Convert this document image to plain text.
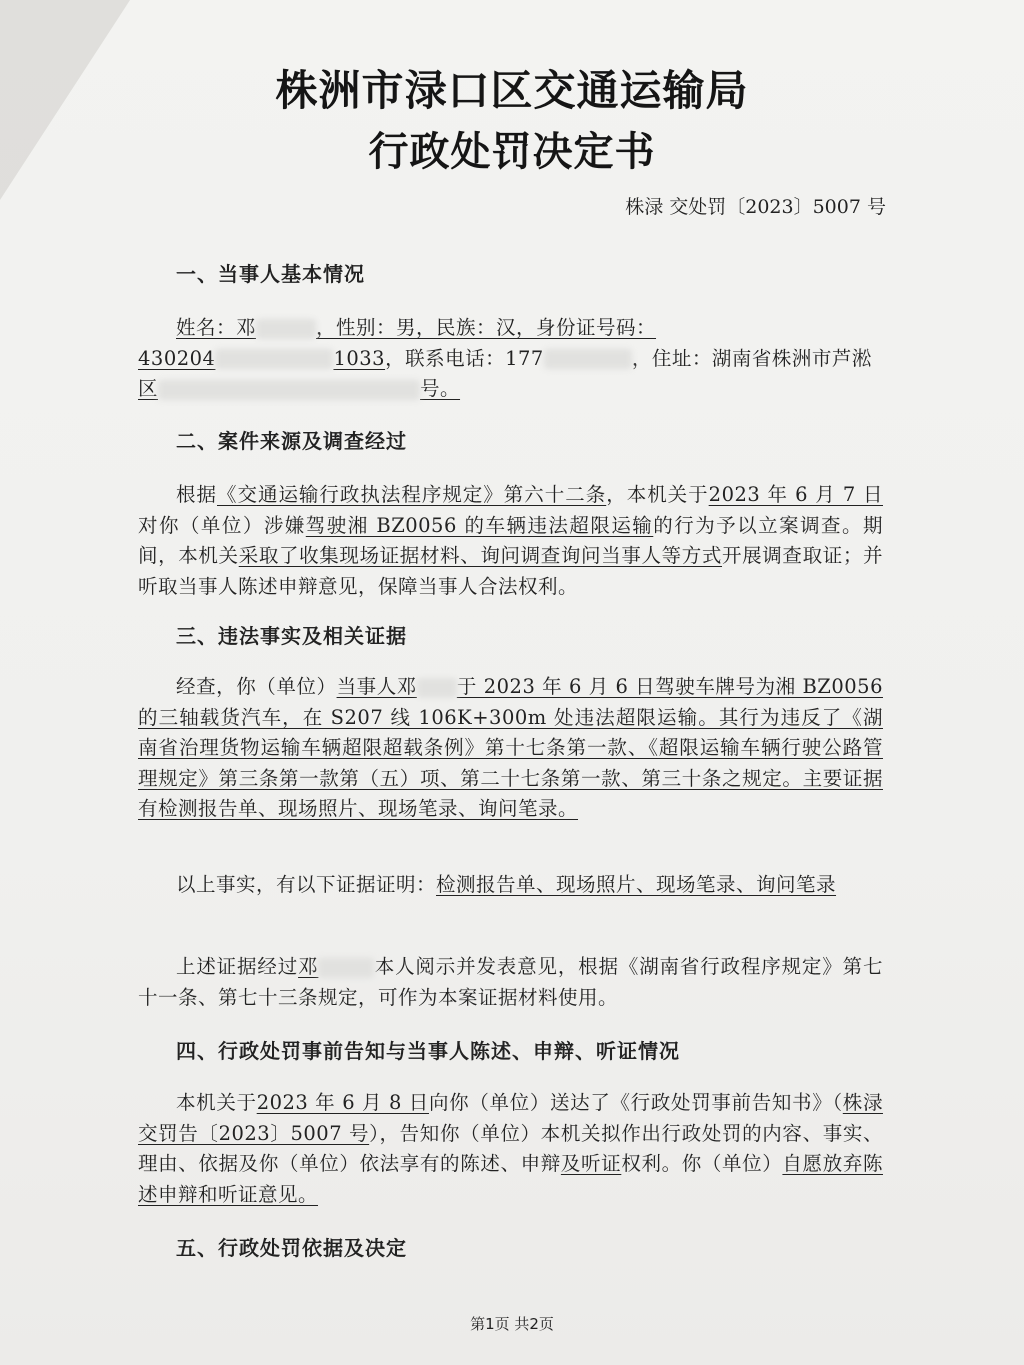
株洲市渌口区交通运输局
行政处罚决定书
株渌 交处罚〔2023〕5007 号
一、当事人基本情况
姓名：邓	，性别：男，民族：汉，身份证号码：
430204	1033，联系电话：177	，住址：湖南省株洲市芦淞
区	号。
二、案件来源及调查经过
根据《交通运输行政执法程序规定》第六十二条，本机关于2023 年 6 月 7 日对你（单位）涉嫌驾驶湘 BZ0056 的车辆违法超限运输的行为予以立案调查。期间，本机关采取了收集现场证据材料、询问调查询问当事人等方式开展调查取证；并听取当事人陈述申辩意见，保障当事人合法权利。
三、违法事实及相关证据
经查，你（单位）当事人邓 于 2023 年 6 月 6 日驾驶车牌号为湘 BZ0056 的三轴载货汽车，在 S207 线 106K+300m 处违法超限运输。其行为违反了《湖南省治理货物运输车辆超限超载条例》第十七条第一款、《超限运输车辆行驶公路管理规定》第三条第一款第（五）项、第二十七条第一款、第三十条之规定。主要证据有检测报告单、现场照片、现场笔录、询问笔录。
以上事实，有以下证据证明：检测报告单、现场照片、现场笔录、询问笔录
上述证据经过邓	本人阅示并发表意见，根据《湖南省行政程序规定》第七十一条、第七十三条规定，可作为本案证据材料使用。
四、行政处罚事前告知与当事人陈述、申辩、听证情况
本机关于2023 年 6 月 8 日向你（单位）送达了《行政处罚事前告知书》（株渌交罚告〔2023〕5007 号），告知你（单位）本机关拟作出行政处罚的内容、事实、理由、依据及你（单位）依法享有的陈述、申辩及听证权利。你（单位）自愿放弃陈述申辩和听证意见。
五、行政处罚依据及决定
第1页 共2页
